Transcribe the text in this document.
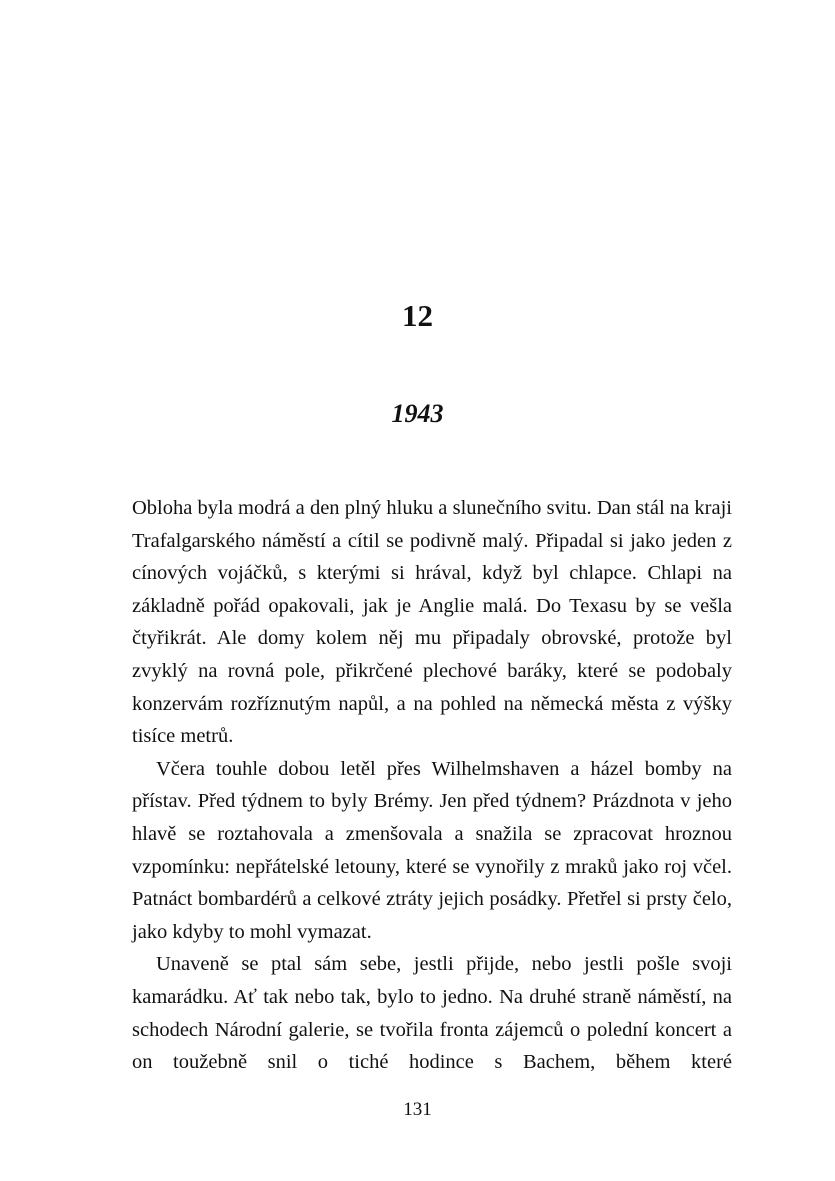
12
1943

Obloha byla modrá a den plný hluku a slunečního svitu. Dan stál na kraji Trafalgarského náměstí a cítil se podivně malý. Připadal si jako jeden z cínových vojáčků, s kterými si hrával, když byl chlapce. Chlapi na základně pořád opakovali, jak je Anglie malá. Do Texasu by se vešla čtyřikrát. Ale domy kolem něj mu připadaly obrovské, protože byl zvyklý na rovná pole, přikrčené plechové baráky, které se podobaly konzervám rozříznutým napůl, a na pohled na německá města z výšky tisíce metrů.

Včera touhle dobou letěl přes Wilhelmshaven a házel bomby na přístav. Před týdnem to byly Brémy. Jen před týdnem? Prázdnota v jeho hlavě se roztahovala a zmenšovala a snažila se zpracovat hroznou vzpomínku: nepřátelské letouny, které se vynořily z mraků jako roj včel. Patnáct bombardérů a celkové ztráty jejich posádky. Přetřel si prsty čelo, jako kdyby to mohl vymazat.

Unaveně se ptal sám sebe, jestli přijde, nebo jestli pošle svoji kamarádku. Ať tak nebo tak, bylo to jedno. Na druhé straně náměstí, na schodech Národní galerie, se tvořila fronta zájemců o polední koncert a on toužebně snil o tiché hodince s Bachem, během které

131
